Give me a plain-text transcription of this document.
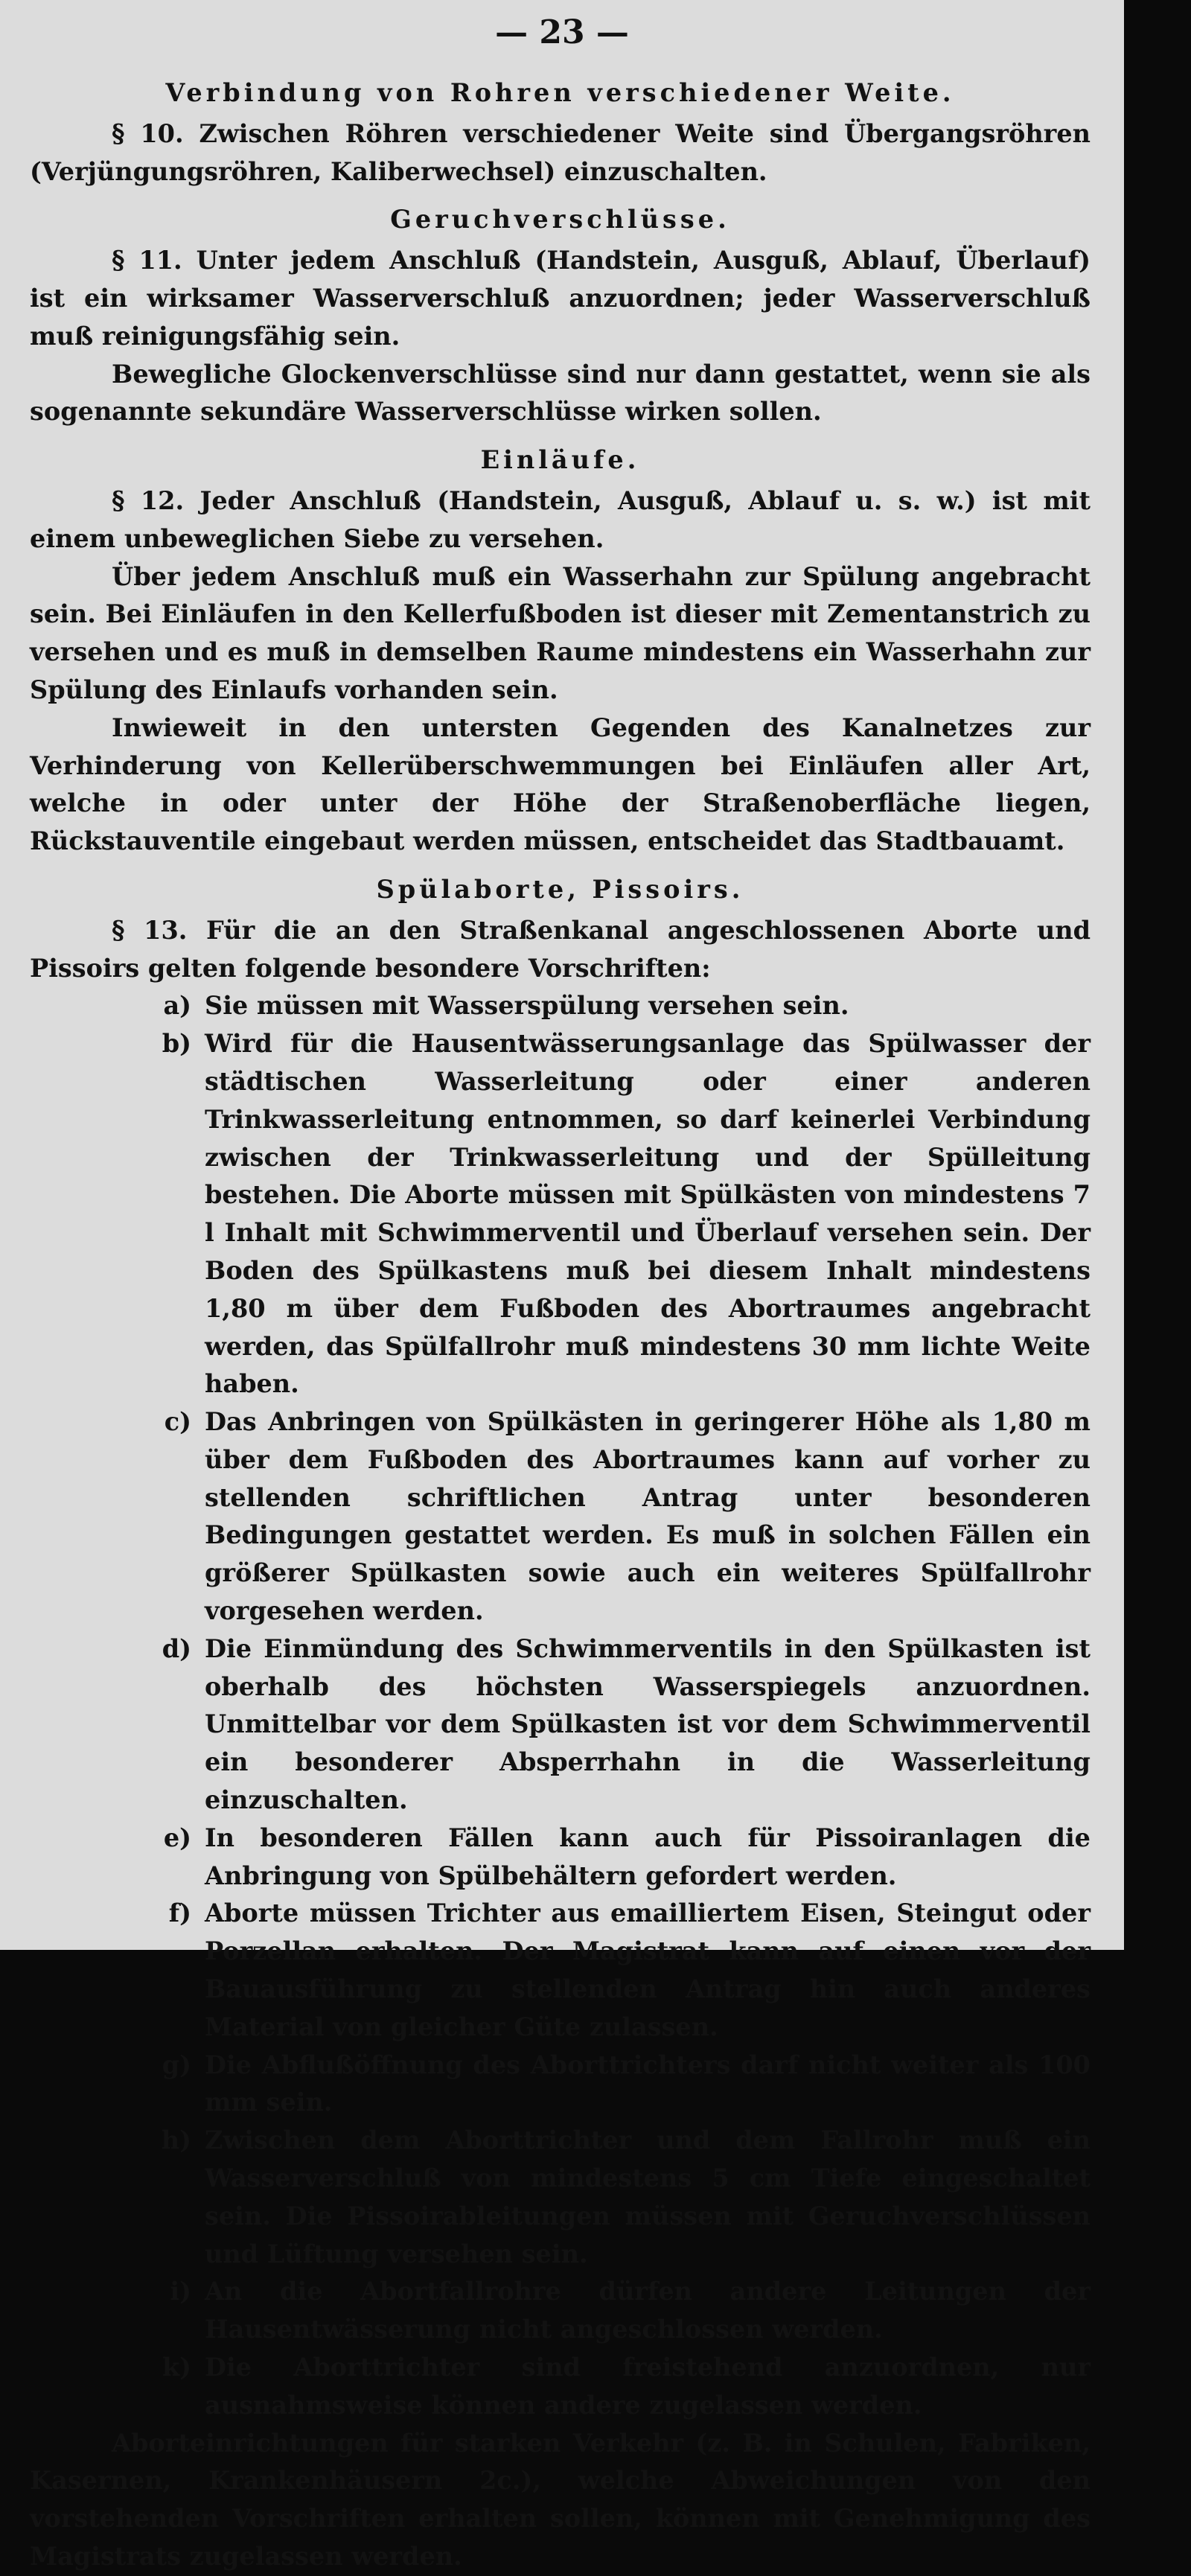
— 23 —
Verbindung von Rohren verschiedener Weite.

§ 10. Zwischen Röhren verschiedener Weite sind Übergangsröhren (Verjüngungsröhren, Kaliberwechsel) einzuschalten.

Geruchverschlüsse.

§ 11. Unter jedem Anschluß (Handstein, Ausguß, Ablauf, Überlauf) ist ein wirksamer Wasserverschluß anzuordnen; jeder Wasserverschluß muß reinigungsfähig sein.

Bewegliche Glockenverschlüsse sind nur dann gestattet, wenn sie als sogenannte sekundäre Wasserverschlüsse wirken sollen.

Einläufe.

§ 12. Jeder Anschluß (Handstein, Ausguß, Ablauf u. s. w.) ist mit einem unbeweglichen Siebe zu versehen.

Über jedem Anschluß muß ein Wasserhahn zur Spülung angebracht sein. Bei Einläufen in den Kellerfußboden ist dieser mit Zementanstrich zu versehen und es muß in demselben Raume mindestens ein Wasserhahn zur Spülung des Einlaufs vorhanden sein.

Inwieweit in den untersten Gegenden des Kanalnetzes zur Verhinderung von Kellerüberschwemmungen bei Einläufen aller Art, welche in oder unter der Höhe der Straßenoberfläche liegen, Rückstauventile eingebaut werden müssen, entscheidet das Stadtbauamt.

Spülaborte, Pissoirs.

§ 13. Für die an den Straßenkanal angeschlossenen Aborte und Pissoirs gelten folgende besondere Vorschriften:

a) Sie müssen mit Wasserspülung versehen sein.
b) Wird für die Hausentwässerungsanlage das Spülwasser der städtischen Wasserleitung oder einer anderen Trinkwasserleitung entnommen, so darf keinerlei Verbindung zwischen der Trinkwasserleitung und der Spülleitung bestehen. Die Aborte müssen mit Spülkästen von mindestens 7 l Inhalt mit Schwimmerventil und Überlauf versehen sein. Der Boden des Spülkastens muß bei diesem Inhalt mindestens 1,80 m über dem Fußboden des Abortraumes angebracht werden, das Spülfallrohr muß mindestens 30 mm lichte Weite haben.
c) Das Anbringen von Spülkästen in geringerer Höhe als 1,80 m über dem Fußboden des Abortraumes kann auf vorher zu stellenden schriftlichen Antrag unter besonderen Bedingungen gestattet werden. Es muß in solchen Fällen ein größerer Spülkasten sowie auch ein weiteres Spülfallrohr vorgesehen werden.
d) Die Einmündung des Schwimmerventils in den Spülkasten ist oberhalb des höchsten Wasserspiegels anzuordnen. Unmittelbar vor dem Spülkasten ist vor dem Schwimmerventil ein besonderer Absperrhahn in die Wasserleitung einzuschalten.
e) In besonderen Fällen kann auch für Pissoiranlagen die Anbringung von Spülbehältern gefordert werden.
f) Aborte müssen Trichter aus emailliertem Eisen, Steingut oder Porzellan erhalten. Der Magistrat kann auf einen vor der Bauausführung zu stellenden Antrag hin auch anderes Material von gleicher Güte zulassen.
g) Die Abflußöffnung des Aborttrichters darf nicht weiter als 100 mm sein.
h) Zwischen dem Aborttrichter und dem Fallrohr muß ein Wasserverschluß von mindestens 5 cm Tiefe eingeschaltet sein. Die Pissoirableitungen müssen mit Geruchverschlüssen und Lüftung versehen sein.
i) An die Abortfallrohre dürfen andere Leitungen der Hausentwässerung nicht angeschlossen werden.
k) Die Aborttrichter sind freistehend anzuordnen, nur ausnahmsweise können andere zugelassen werden.

Aborteinrichtungen für starken Verkehr (z. B. in Schulen, Fabriken, Kasernen, Krankenhäusern 2c.), welche Abweichungen von den vorstehenden Vorschriften erhalten sollen, können mit Genehmigung des Magistrats zugelassen werden.
